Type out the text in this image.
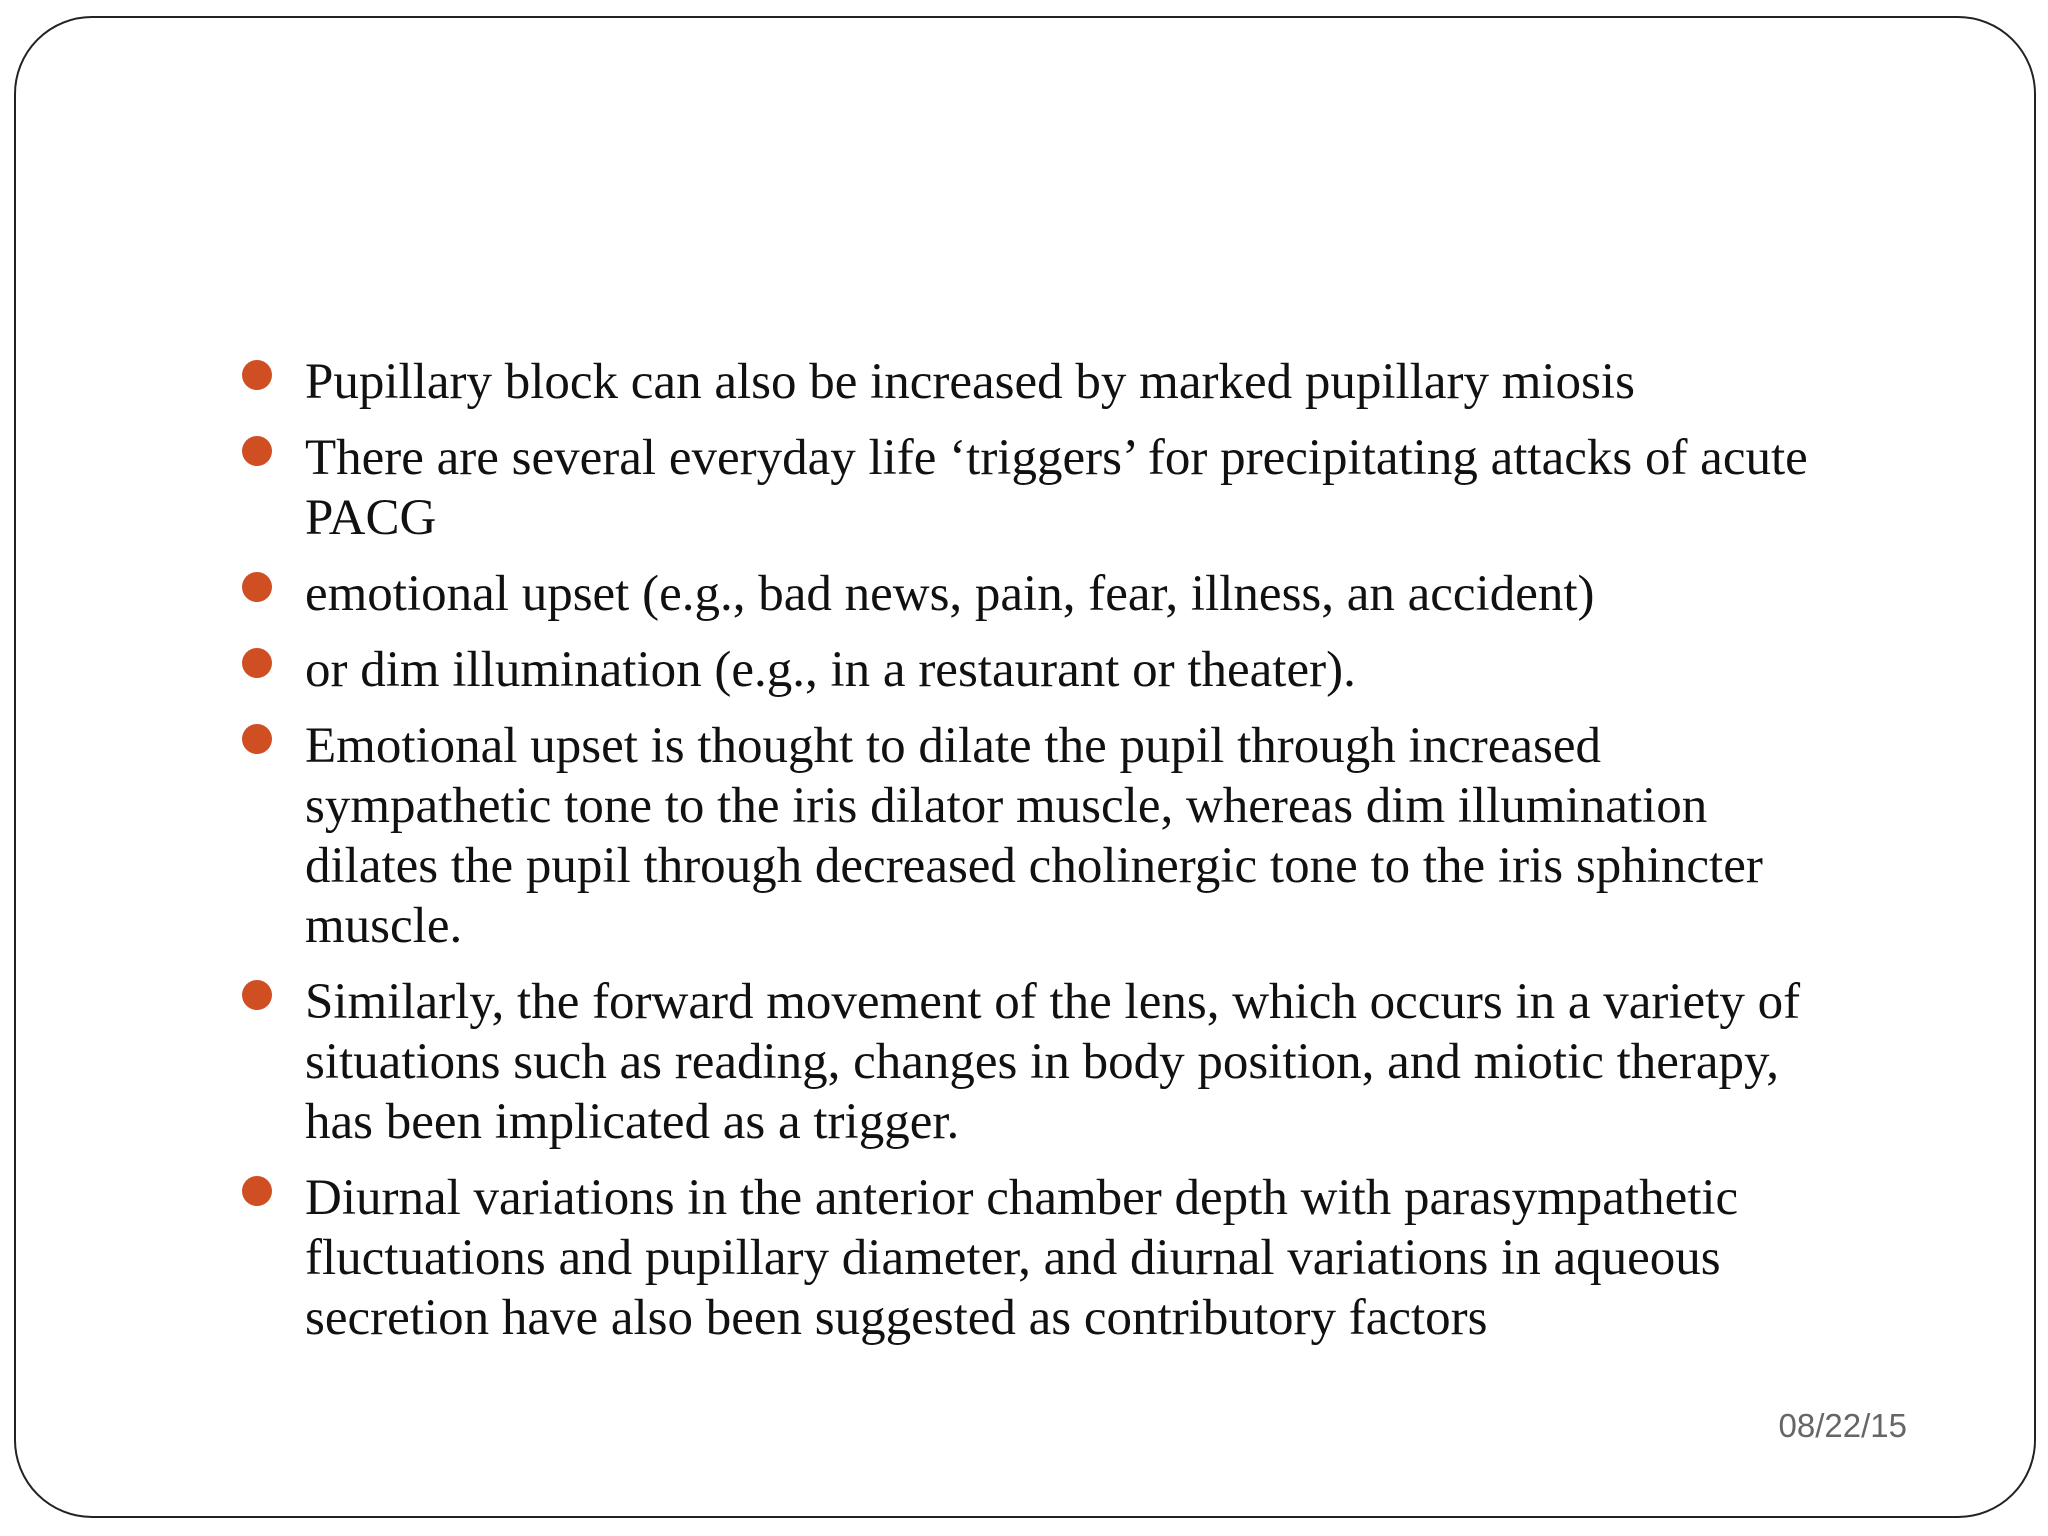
Pupillary block can also be increased by marked pupillary miosis
There are several everyday life ‘triggers’ for precipitating attacks of acute
PACG
emotional upset (e.g., bad news, pain, fear, illness, an accident)
or dim illumination (e.g., in a restaurant or theater).
Emotional upset is thought to dilate the pupil through increased
sympathetic tone to the iris dilator muscle, whereas dim illumination
dilates the pupil through decreased cholinergic tone to the iris sphincter
muscle.
Similarly, the forward movement of the lens, which occurs in a variety of
situations such as reading, changes in body position, and miotic therapy,
has been implicated as a trigger.
Diurnal variations in the anterior chamber depth with parasympathetic
fluctuations and pupillary diameter, and diurnal variations in aqueous
secretion have also been suggested as contributory factors
08/22/15
